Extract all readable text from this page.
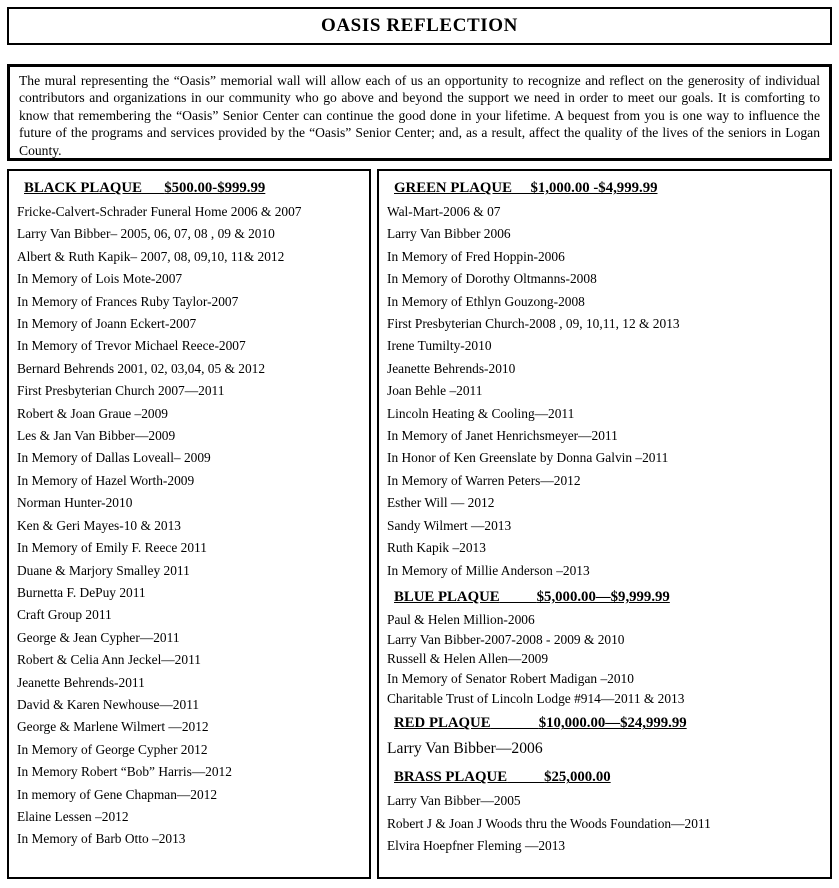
OASIS REFLECTION
The mural representing the “Oasis” memorial wall will allow each of us an opportunity to recognize and reflect on the generosity of individual contributors and organizations in our community who go above and beyond the support we need in order to meet our goals. It is comforting to know that remembering the “Oasis” Senior Center can continue the good done in your lifetime. A bequest from you is one way to influence the future of the programs and services provided by the “Oasis” Senior Center; and, as a result, affect the quality of the lives of the seniors in Logan County.
BLACK PLAQUE $500.00-$999.99

Fricke-Calvert-Schrader Funeral Home 2006 & 2007

Larry Van Bibber– 2005, 06, 07, 08 , 09 & 2010

Albert & Ruth Kapik– 2007, 08, 09,10, 11& 2012

In Memory of Lois Mote-2007

In Memory of Frances Ruby Taylor-2007

In Memory of Joann Eckert-2007

In Memory of Trevor Michael Reece-2007

Bernard Behrends 2001, 02, 03,04, 05 & 2012

First Presbyterian Church 2007—2011

Robert & Joan Graue –2009

Les & Jan Van Bibber—2009

In Memory of Dallas Loveall– 2009

In Memory of Hazel Worth-2009

Norman Hunter-2010

Ken & Geri Mayes-10 & 2013

In Memory of Emily F. Reece 2011

Duane & Marjory Smalley 2011

Burnetta F. DePuy 2011

Craft Group 2011

George & Jean Cypher—2011

Robert & Celia Ann Jeckel—2011

Jeanette Behrends-2011

David & Karen Newhouse—2011

George & Marlene Wilmert —2012

In Memory of George Cypher 2012

In Memory Robert “Bob” Harris—2012

In memory of Gene Chapman—2012

Elaine Lessen –2012

In Memory of Barb Otto –2013

GREEN PLAQUE $1,000.00 -$4,999.99

Wal-Mart-2006 & 07

Larry Van Bibber 2006

In Memory of Fred Hoppin-2006

In Memory of Dorothy Oltmanns-2008

In Memory of Ethlyn Gouzong-2008

First Presbyterian Church-2008 , 09, 10,11, 12 & 2013

Irene Tumilty-2010

Jeanette Behrends-2010

Joan Behle –2011

Lincoln Heating & Cooling—2011

In Memory of Janet Henrichsmeyer—2011

In Honor of Ken Greenslate by Donna Galvin –2011

In Memory of Warren Peters—2012

Esther Will — 2012

Sandy Wilmert —2013

Ruth Kapik –2013

In Memory of Millie Anderson –2013

BLUE PLAQUE	$5,000.00—$9,999.99

Paul & Helen Million-2006

Larry Van Bibber-2007-2008 - 2009 & 2010

Russell & Helen Allen—2009

In Memory of Senator Robert Madigan –2010

Charitable Trust of Lincoln Lodge #914—2011 & 2013

RED PLAQUE	$10,000.00—$24,999.99

Larry Van Bibber—2006

BRASS PLAQUE	$25,000.00

Larry Van Bibber—2005

Robert J & Joan J Woods thru the Woods Foundation—2011

Elvira Hoepfner Fleming —2013
